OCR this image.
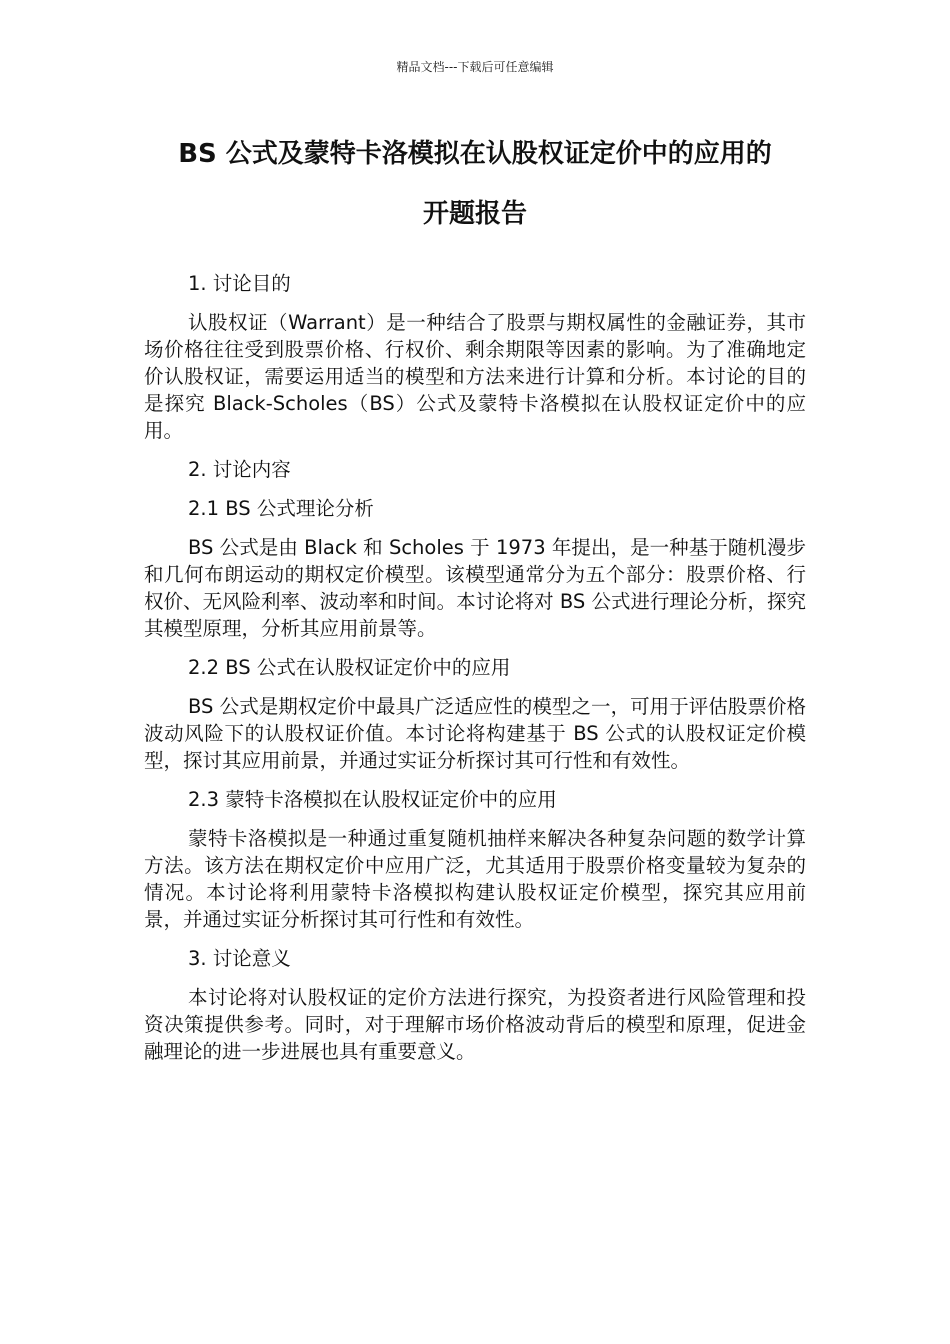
精品文档---下载后可任意编辑
BS 公式及蒙特卡洛模拟在认股权证定价中的应用的
开题报告

1. 讨论目的

认股权证（Warrant）是一种结合了股票与期权属性的金融证券，其市场价格往往受到股票价格、行权价、剩余期限等因素的影响。为了准确地定价认股权证，需要运用适当的模型和方法来进行计算和分析。本讨论的目的是探究 Black-Scholes（BS）公式及蒙特卡洛模拟在认股权证定价中的应用。

2. 讨论内容

2.1 BS 公式理论分析

BS 公式是由 Black 和 Scholes 于 1973 年提出，是一种基于随机漫步和几何布朗运动的期权定价模型。该模型通常分为五个部分：股票价格、行权价、无风险利率、波动率和时间。本讨论将对 BS 公式进行理论分析，探究其模型原理，分析其应用前景等。

2.2 BS 公式在认股权证定价中的应用

BS 公式是期权定价中最具广泛适应性的模型之一，可用于评估股票价格波动风险下的认股权证价值。本讨论将构建基于 BS 公式的认股权证定价模型，探讨其应用前景，并通过实证分析探讨其可行性和有效性。

2.3 蒙特卡洛模拟在认股权证定价中的应用

蒙特卡洛模拟是一种通过重复随机抽样来解决各种复杂问题的数学计算方法。该方法在期权定价中应用广泛，尤其适用于股票价格变量较为复杂的情况。本讨论将利用蒙特卡洛模拟构建认股权证定价模型，探究其应用前景，并通过实证分析探讨其可行性和有效性。

3. 讨论意义

本讨论将对认股权证的定价方法进行探究，为投资者进行风险管理和投资决策提供参考。同时，对于理解市场价格波动背后的模型和原理，促进金融理论的进一步进展也具有重要意义。
